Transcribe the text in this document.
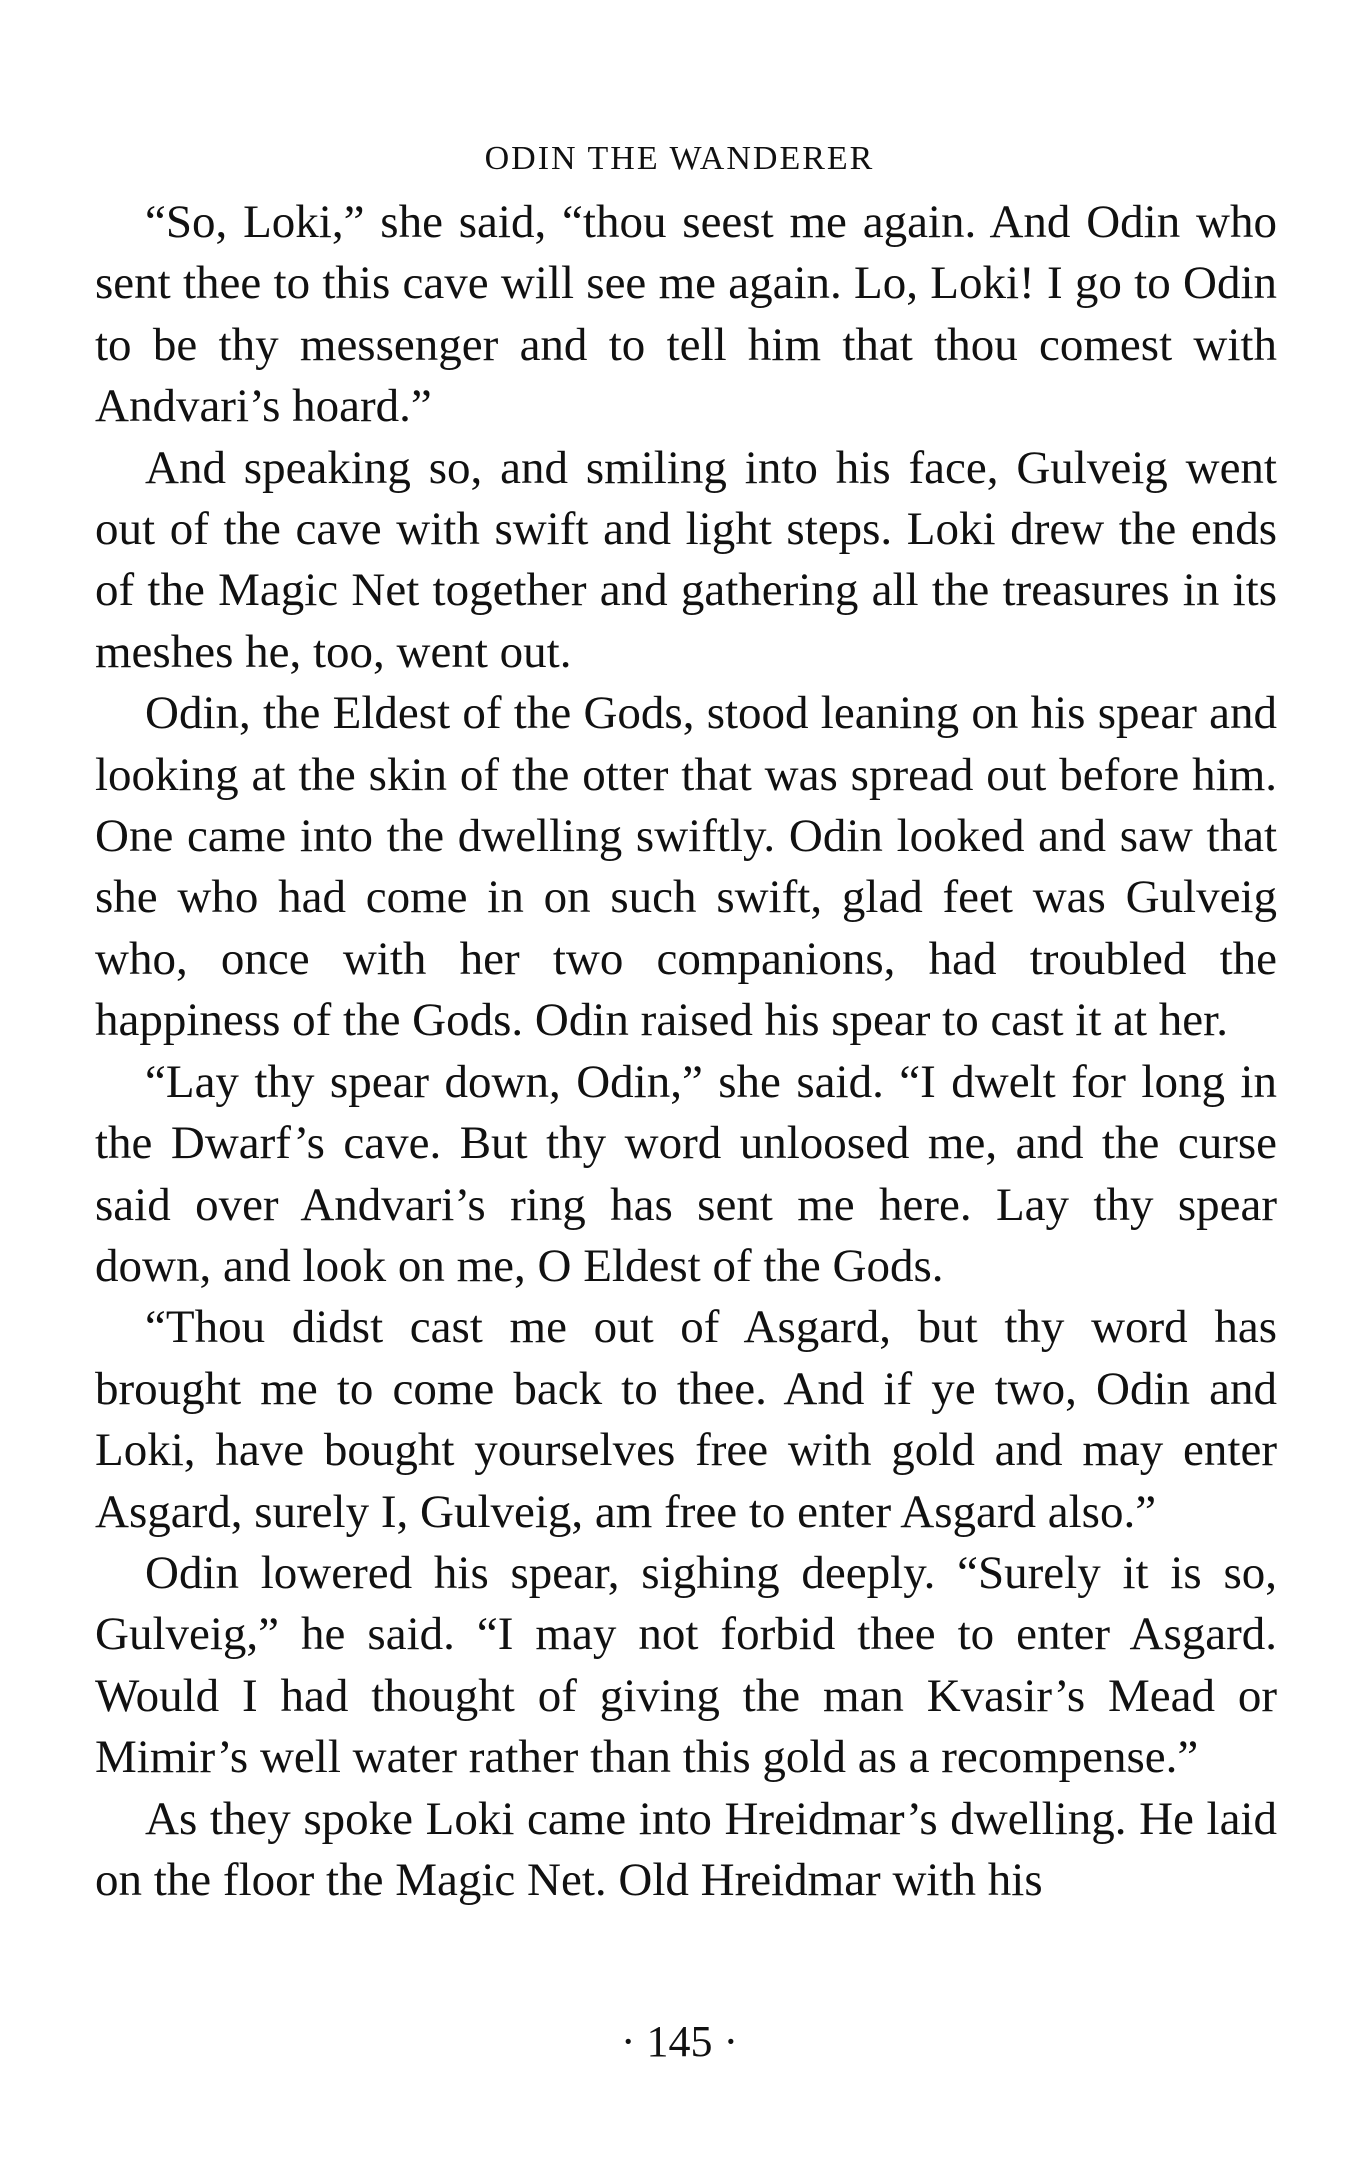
ODIN THE WANDERER

“So, Loki,” she said, “thou seest me again. And Odin who sent thee to this cave will see me again. Lo, Loki! I go to Odin to be thy messenger and to tell him that thou comest with Andvari’s hoard.”

And speaking so, and smiling into his face, Gulveig went out of the cave with swift and light steps. Loki drew the ends of the Magic Net together and gathering all the treasures in its meshes he, too, went out.

Odin, the Eldest of the Gods, stood leaning on his spear and looking at the skin of the otter that was spread out before him. One came into the dwelling swiftly. Odin looked and saw that she who had come in on such swift, glad feet was Gulveig who, once with her two companions, had troubled the happiness of the Gods. Odin raised his spear to cast it at her.

“Lay thy spear down, Odin,” she said. “I dwelt for long in the Dwarf’s cave. But thy word unloosed me, and the curse said over Andvari’s ring has sent me here. Lay thy spear down, and look on me, O Eldest of the Gods.

“Thou didst cast me out of Asgard, but thy word has brought me to come back to thee. And if ye two, Odin and Loki, have bought yourselves free with gold and may enter Asgard, surely I, Gulveig, am free to enter Asgard also.”

Odin lowered his spear, sighing deeply. “Surely it is so, Gulveig,” he said. “I may not forbid thee to enter Asgard. Would I had thought of giving the man Kvasir’s Mead or Mimir’s well water rather than this gold as a recompense.”

As they spoke Loki came into Hreidmar’s dwelling. He laid on the floor the Magic Net. Old Hreidmar with his

· 145 ·
